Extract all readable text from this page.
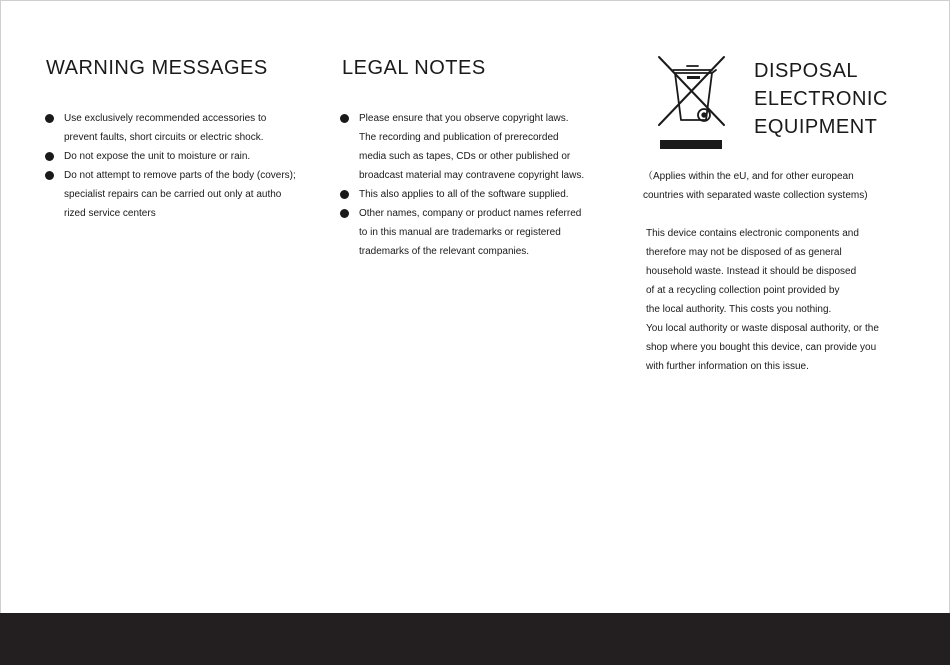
WARNING MESSAGES
Use exclusively recommended accessories to
prevent faults, short circuits or electric shock.
Do not expose the unit to moisture or rain.
Do not attempt to remove parts of the body (covers);
specialist repairs can be carried out only at autho
rized service centers
LEGAL NOTES
Please ensure that you observe copyright laws.
The recording and publication of prerecorded
media such as tapes, CDs or other published or
broadcast material may contravene copyright laws.
This also applies to all of the software supplied.
Other names, company or product names referred
to in this manual are trademarks or registered
trademarks of the relevant companies.
DISPOSAL
ELECTRONIC
EQUIPMENT

（Applies within the eU, and for other european
countries with separated waste collection systems)

This device contains electronic components and
therefore may not be disposed of as general
household waste. Instead it should be disposed
of at a recycling collection point provided by
the local authority. This costs you nothing.
You local authority or waste disposal authority, or the
shop where you bought this device, can provide you
with further information on this issue.
